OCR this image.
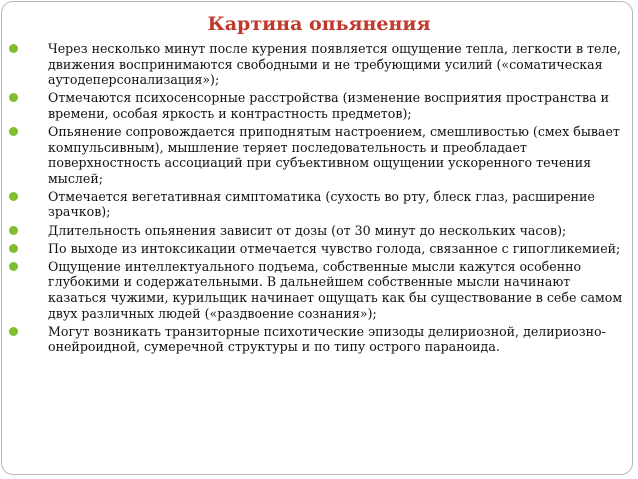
Картина опьянения
Через несколько минут после курения появляется ощущение тепла, легкости в теле, движения воспринимаются свободными и не требующими усилий («соматическая аутодеперсонализация»);
Отмечаются психосенсорные расстройства (изменение восприятия пространства и времени, особая яркость и контрастность предметов);
Опьянение сопровождается приподнятым настроением, смешливостью (смех бывает компульсивным), мышление теряет последовательность и преобладает поверхностность ассоциаций при субъективном ощущении ускоренного течения мыслей;
Отмечается вегетативная симптоматика (сухость во рту, блеск глаз, расширение зрачков);
Длительность опьянения зависит от дозы (от 30 минут до нескольких часов);
По выходе из интоксикации отмечается чувство голода, связанное с гипогликемией;
Ощущение интеллектуального подъема, собственные мысли кажутся особенно глубокими и содержательными. В дальнейшем собственные мысли начинают казаться чужими, курильщик начинает ощущать как бы существование в себе самом двух различных людей («раздвоение сознания»);
Могут возникать транзиторные психотические эпизоды делириозной, делириозно-онейроидной, сумеречной структуры и по типу острого параноида.
